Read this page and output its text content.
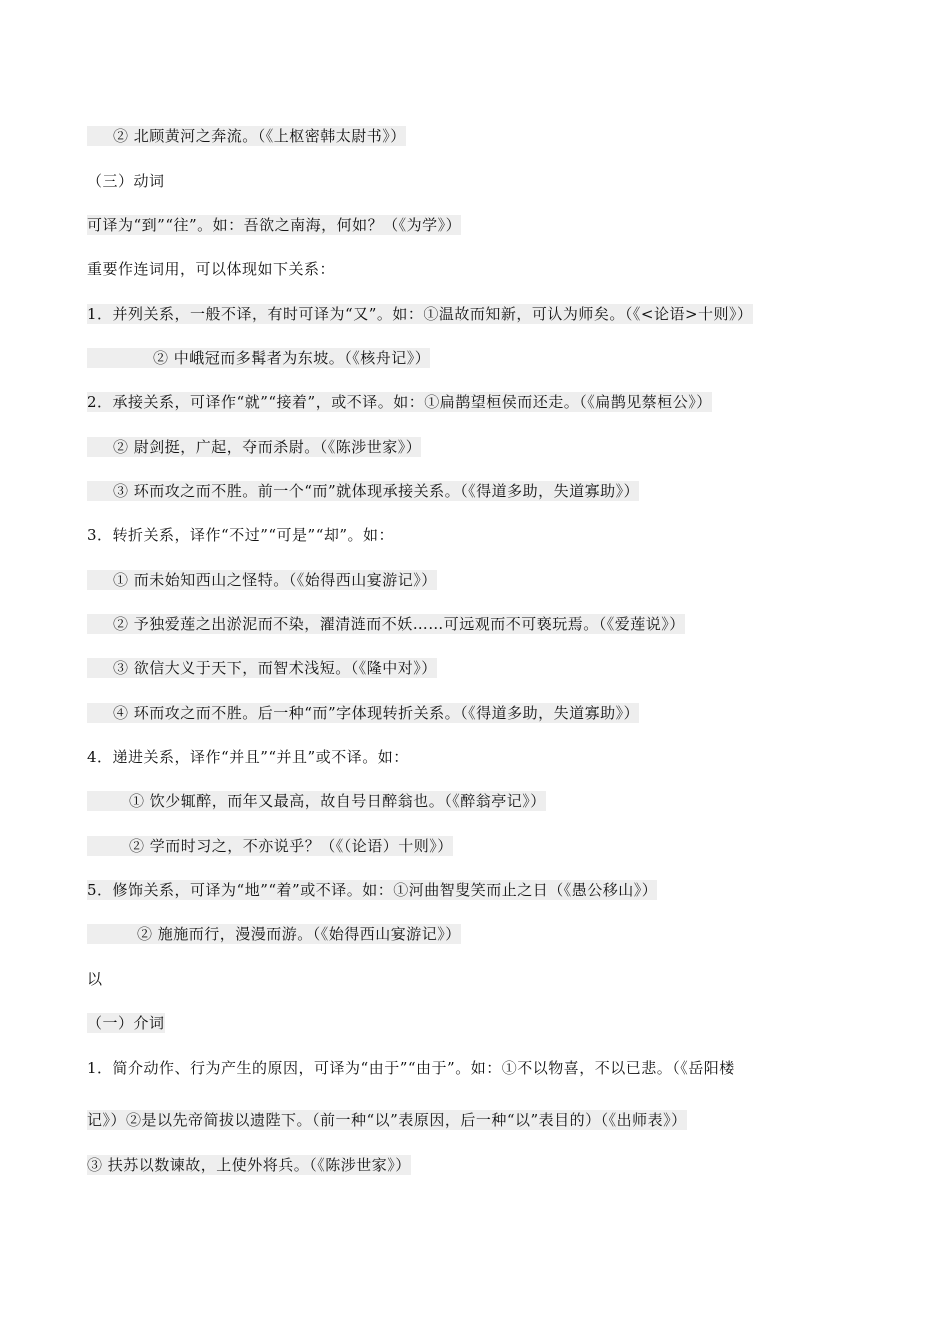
② 北顾黄河之奔流。（《上枢密韩太尉书》）
（三）动词
可译为“到”“往”。如：吾欲之南海，何如？（《为学》）
重要作连词用，可以体现如下关系：
1．并列关系，一般不译，有时可译为“又”。如：①温故而知新，可认为师矣。（《<论语>十则》）
② 中峨冠而多髯者为东坡。（《核舟记》）
2．承接关系，可译作“就”“接着”，或不译。如：①扁鹊望桓侯而还走。（《扁鹊见蔡桓公》）
② 尉剑挺，广起，夺而杀尉。（《陈涉世家》）
③ 环而攻之而不胜。前一个“而”就体现承接关系。（《得道多助，失道寡助》）
3．转折关系，译作“不过”“可是”“却”。如：
① 而未始知西山之怪特。（《始得西山宴游记》）
② 予独爱莲之出淤泥而不染，濯清涟而不妖……可远观而不可亵玩焉。（《爱莲说》）
③ 欲信大义于天下，而智术浅短。（《隆中对》）
④ 环而攻之而不胜。后一种“而”字体现转折关系。（《得道多助，失道寡助》）
4．递进关系，译作“并且”“并且”或不译。如：
① 饮少辄醉，而年又最高，故自号日醉翁也。（《醉翁亭记》）
② 学而时习之，不亦说乎？（《（论语）十则》）
5．修饰关系，可译为“地”“着”或不译。如：①河曲智叟笑而止之日（《愚公移山》）
② 施施而行，漫漫而游。（《始得西山宴游记》）
以
（一）介词
1．简介动作、行为产生的原因，可译为“由于”“由于”。如：①不以物喜，不以已悲。（《岳阳楼
记》）②是以先帝简拔以遗陛下。（前一种“以”表原因，后一种“以”表目的）（《出师表》）
③ 扶苏以数谏故，上使外将兵。（《陈涉世家》）
